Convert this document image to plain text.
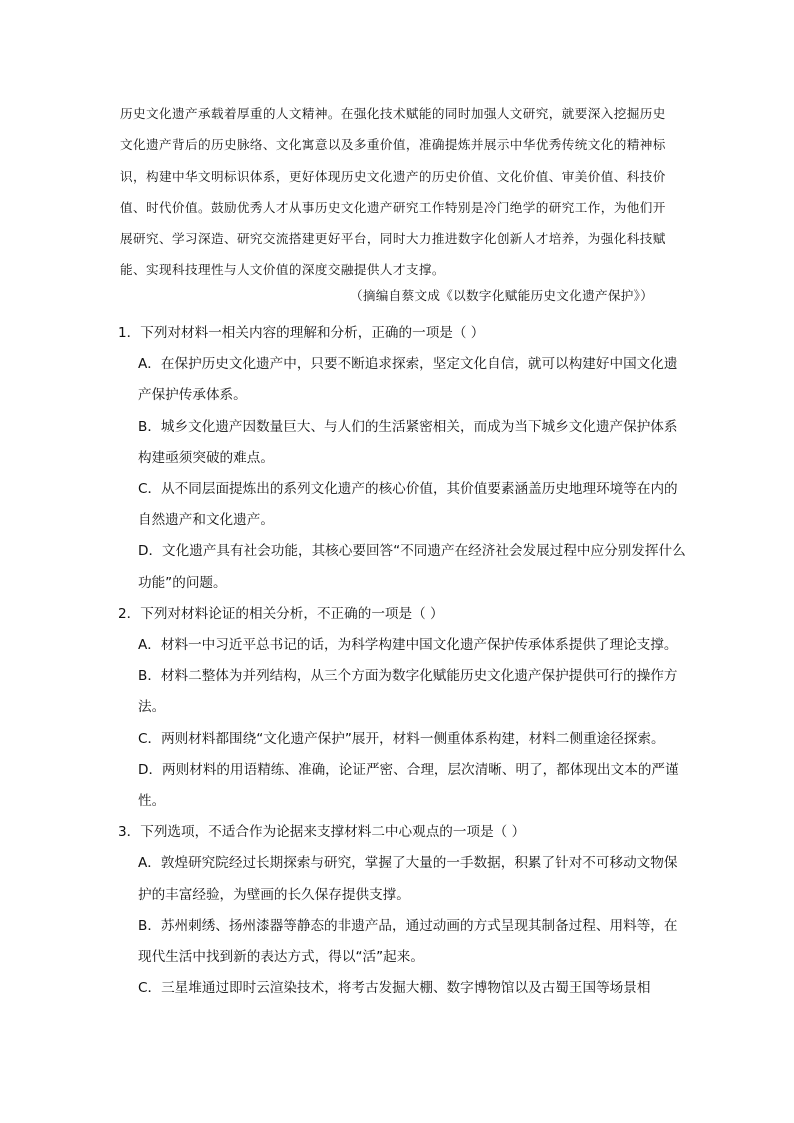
历史文化遗产承载着厚重的人文精神。在强化技术赋能的同时加强人文研究，就要深入挖掘历史文化遗产背后的历史脉络、文化寓意以及多重价值，准确提炼并展示中华优秀传统文化的精神标识，构建中华文明标识体系，更好体现历史文化遗产的历史价值、文化价值、审美价值、科技价值、时代价值。鼓励优秀人才从事历史文化遗产研究工作特别是冷门绝学的研究工作，为他们开展研究、学习深造、研究交流搭建更好平台，同时大力推进数字化创新人才培养，为强化科技赋能、实现科技理性与人文价值的深度交融提供人才支撑。

（摘编自蔡文成《以数字化赋能历史文化遗产保护》）

1．下列对材料一相关内容的理解和分析，正确的一项是（ ）

A．在保护历史文化遗产中，只要不断追求探索，坚定文化自信，就可以构建好中国文化遗产保护传承体系。

B．城乡文化遗产因数量巨大、与人们的生活紧密相关，而成为当下城乡文化遗产保护体系构建亟须突破的难点。

C．从不同层面提炼出的系列文化遗产的核心价值，其价值要素涵盖历史地理环境等在内的自然遗产和文化遗产。

D．文化遗产具有社会功能，其核心要回答“不同遗产在经济社会发展过程中应分别发挥什么功能”的问题。

2．下列对材料论证的相关分析，不正确的一项是（ ）

A．材料一中习近平总书记的话，为科学构建中国文化遗产保护传承体系提供了理论支撑。

B．材料二整体为并列结构，从三个方面为数字化赋能历史文化遗产保护提供可行的操作方法。

C．两则材料都围绕“文化遗产保护”展开，材料一侧重体系构建，材料二侧重途径探索。

D．两则材料的用语精练、准确，论证严密、合理，层次清晰、明了，都体现出文本的严谨性。

3．下列选项，不适合作为论据来支撑材料二中心观点的一项是（ ）

A．敦煌研究院经过长期探索与研究，掌握了大量的一手数据，积累了针对不可移动文物保护的丰富经验，为壁画的长久保存提供支撑。

B．苏州刺绣、扬州漆器等静态的非遗产品，通过动画的方式呈现其制备过程、用料等，在现代生活中找到新的表达方式，得以“活”起来。

C．三星堆通过即时云渲染技术，将考古发掘大棚、数字博物馆以及古蜀王国等场景相
